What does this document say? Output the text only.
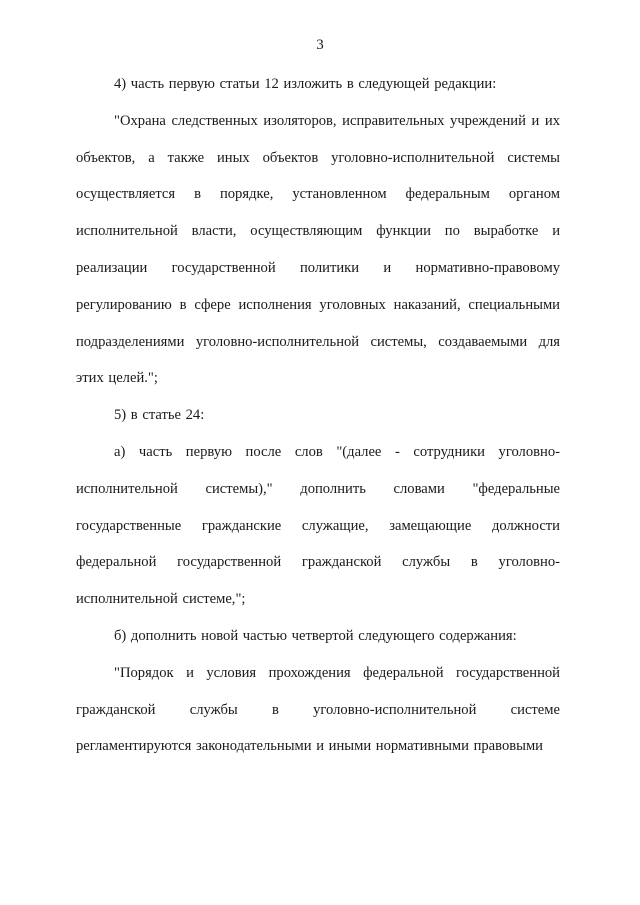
3

4) часть первую статьи 12 изложить в следующей редакции:

"Охрана следственных изоляторов, исправительных учреждений и их объектов, а также иных объектов уголовно-исполнительной системы осуществляется в порядке, установленном федеральным органом исполнительной власти, осуществляющим функции по выработке и реализации государственной политики и нормативно-правовому регулированию в сфере исполнения уголовных наказаний, специальными подразделениями уголовно-исполнительной системы, создаваемыми для этих целей.";

5) в статье 24:

а) часть первую после слов "(далее - сотрудники уголовно-исполнительной системы)," дополнить словами "федеральные государственные гражданские служащие, замещающие должности федеральной государственной гражданской службы в уголовно-исполнительной системе,";

б) дополнить новой частью четвертой следующего содержания:

"Порядок и условия прохождения федеральной государственной гражданской службы в уголовно-исполнительной системе регламентируются законодательными и иными нормативными правовыми
